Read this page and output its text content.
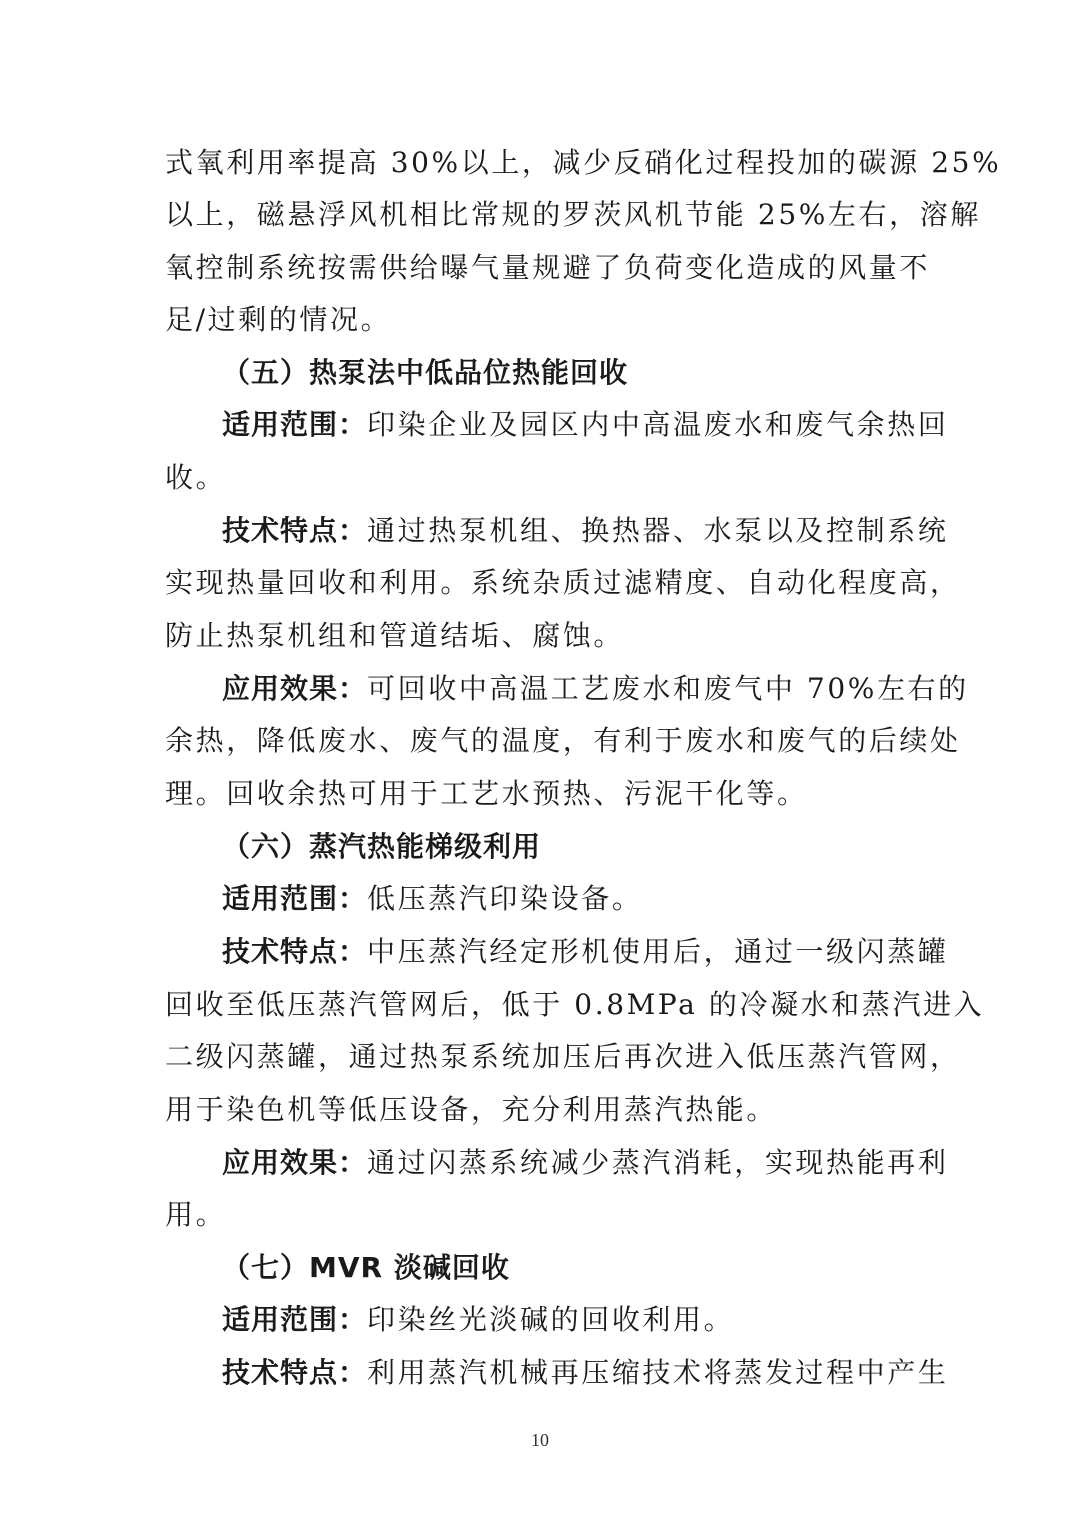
式氧利用率提高 30%以上，减少反硝化过程投加的碳源 25%
以上，磁悬浮风机相比常规的罗茨风机节能 25%左右，溶解
氧控制系统按需供给曝气量规避了负荷变化造成的风量不
足/过剩的情况。
（五）热泵法中低品位热能回收
适用范围：印染企业及园区内中高温废水和废气余热回
收。
技术特点：通过热泵机组、换热器、水泵以及控制系统
实现热量回收和利用。系统杂质过滤精度、自动化程度高，
防止热泵机组和管道结垢、腐蚀。
应用效果：可回收中高温工艺废水和废气中 70%左右的
余热，降低废水、废气的温度，有利于废水和废气的后续处
理。回收余热可用于工艺水预热、污泥干化等。
（六）蒸汽热能梯级利用
适用范围：低压蒸汽印染设备。
技术特点：中压蒸汽经定形机使用后，通过一级闪蒸罐
回收至低压蒸汽管网后，低于 0.8MPa 的冷凝水和蒸汽进入
二级闪蒸罐，通过热泵系统加压后再次进入低压蒸汽管网，
用于染色机等低压设备，充分利用蒸汽热能。
应用效果：通过闪蒸系统减少蒸汽消耗，实现热能再利
用。
（七）MVR 淡碱回收
适用范围：印染丝光淡碱的回收利用。
技术特点：利用蒸汽机械再压缩技术将蒸发过程中产生
10
